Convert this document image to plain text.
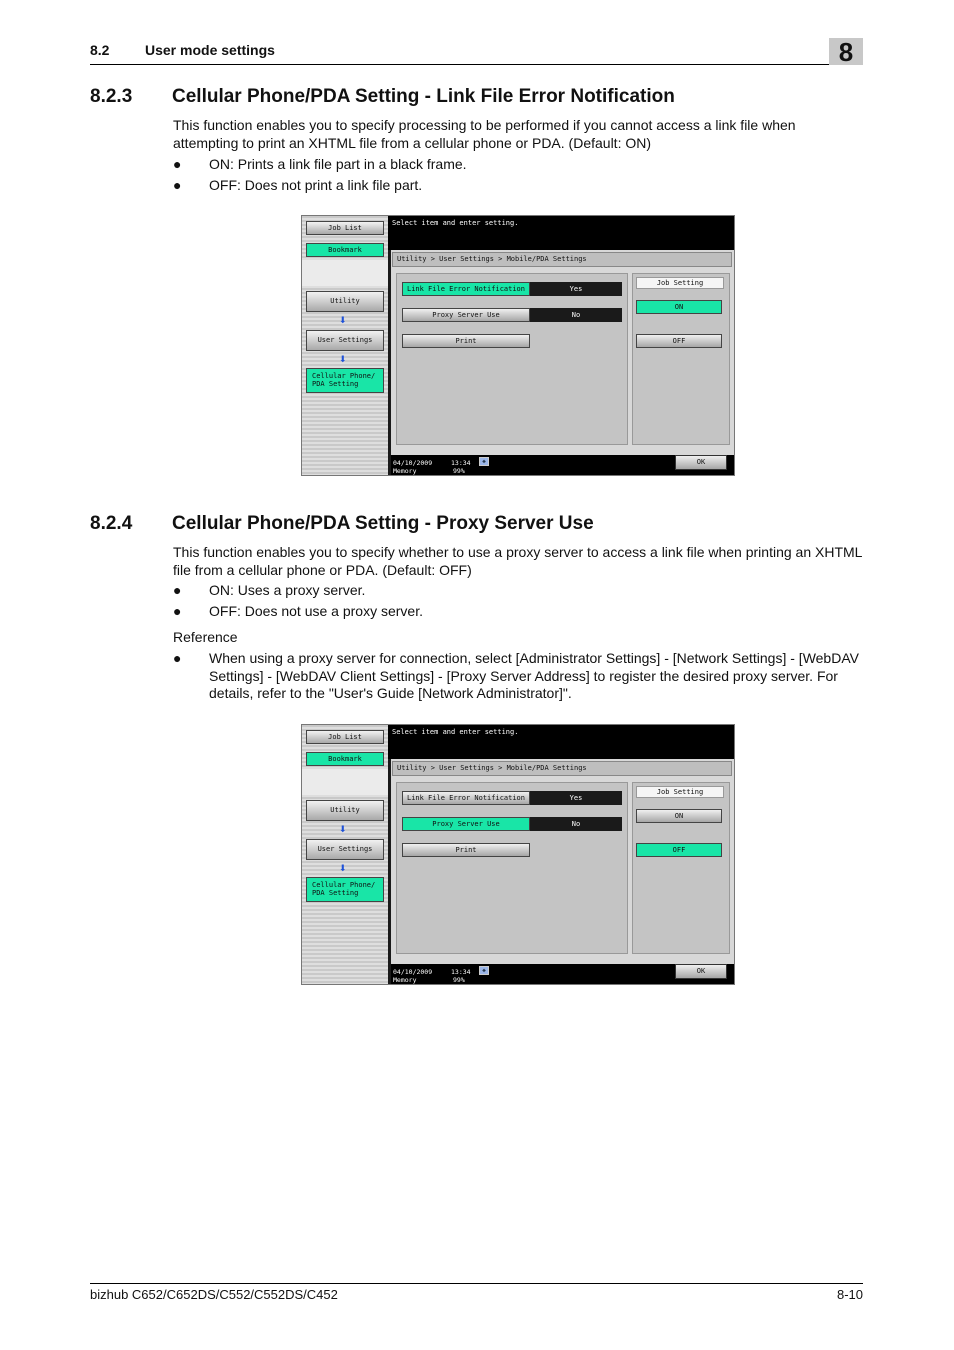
8.2	User mode settings	8
8.2.3 Cellular Phone/PDA Setting - Link File Error Notification

This function enables you to specify processing to be performed if you cannot access a link file when attempting to print an XHTML file from a cellular phone or PDA. (Default: ON)

● ON: Prints a link file part in a black frame.
● OFF: Does not print a link file part.
Job List
Bookmark
Utility
⬇
User Settings
⬇
Cellular Phone/
PDA Setting
Select item and enter setting.
Utility > User Settings > Mobile/PDA Settings
Link File Error Notification	Yes
Proxy Server Use	No
Print
Job Setting
ON
OFF
04/10/2009	13:34
Memory	99%
◈	OK
8.2.4 Cellular Phone/PDA Setting - Proxy Server Use

This function enables you to specify whether to use a proxy server to access a link file when printing an XHTML file from a cellular phone or PDA. (Default: OFF)

● ON: Uses a proxy server.
● OFF: Does not use a proxy server.

Reference

● When using a proxy server for connection, select [Administrator Settings] - [Network Settings] - [WebDAV Settings] - [WebDAV Client Settings] - [Proxy Server Address] to register the desired proxy server. For details, refer to the "User's Guide [Network Administrator]".
Job List
Bookmark
Utility
⬇
User Settings
⬇
Cellular Phone/
PDA Setting
Select item and enter setting.
Utility > User Settings > Mobile/PDA Settings
Link File Error Notification	Yes
Proxy Server Use	No
Print
Job Setting
ON
OFF
04/10/2009	13:34
Memory	99%
◈	OK
bizhub C652/C652DS/C552/C552DS/C452	8-10
